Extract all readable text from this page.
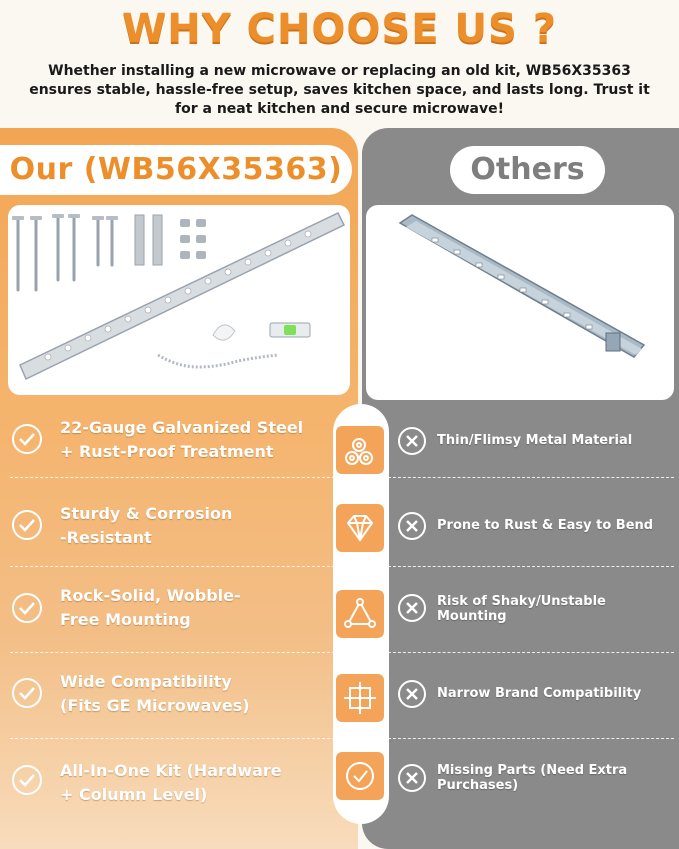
WHY CHOOSE US ?
Whether installing a new microwave or replacing an old kit, WB56X35363 ensures stable, hassle-free setup, saves kitchen space, and lasts long. Trust it for a neat kitchen and secure microwave!
Our (WB56X35363)	Others
22-Gauge Galvanized Steel
+ Rust-Proof Treatment
Thin/Flimsy Metal Material
Sturdy & Corrosion
-Resistant
Prone to Rust & Easy to Bend
Rock-Solid, Wobble-
Free Mounting
Risk of Shaky/Unstable
Mounting
Wide Compatibility
(Fits GE Microwaves)
Narrow Brand Compatibility
All-In-One Kit (Hardware
+ Column Level)
Missing Parts (Need Extra
Purchases)
